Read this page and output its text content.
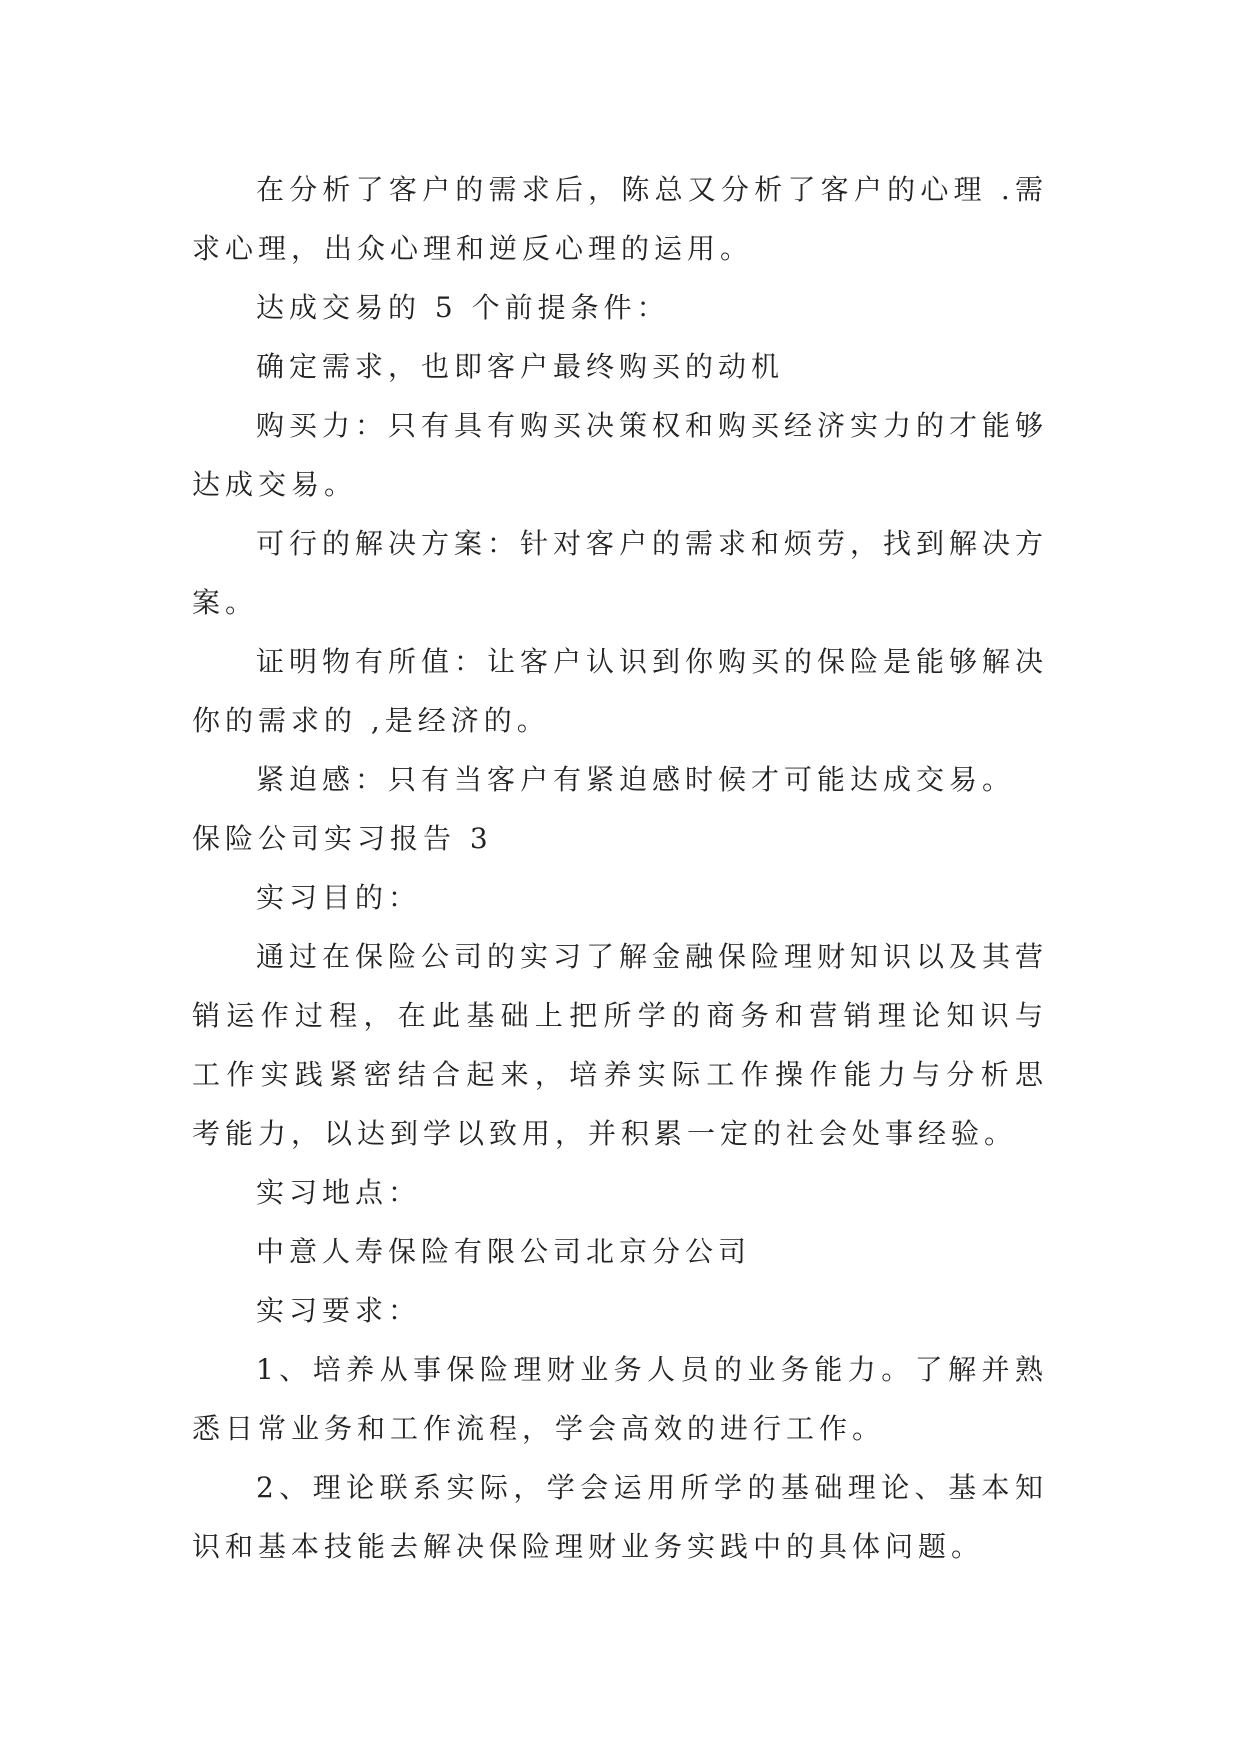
在分析了客户的需求后，陈总又分析了客户的心理 .需求心理，出众心理和逆反心理的运用。

达成交易的 5 个前提条件：

确定需求，也即客户最终购买的动机

购买力：只有具有购买决策权和购买经济实力的才能够达成交易。

可行的解决方案：针对客户的需求和烦劳，找到解决方案。

证明物有所值：让客户认识到你购买的保险是能够解决你的需求的 ,是经济的。

紧迫感：只有当客户有紧迫感时候才可能达成交易。

保险公司实习报告 3

实习目的：

通过在保险公司的实习了解金融保险理财知识以及其营销运作过程，在此基础上把所学的商务和营销理论知识与工作实践紧密结合起来，培养实际工作操作能力与分析思考能力，以达到学以致用，并积累一定的社会处事经验。

实习地点：

中意人寿保险有限公司北京分公司

实习要求：

1、培养从事保险理财业务人员的业务能力。了解并熟悉日常业务和工作流程，学会高效的进行工作。

2、理论联系实际，学会运用所学的基础理论、基本知识和基本技能去解决保险理财业务实践中的具体问题。
